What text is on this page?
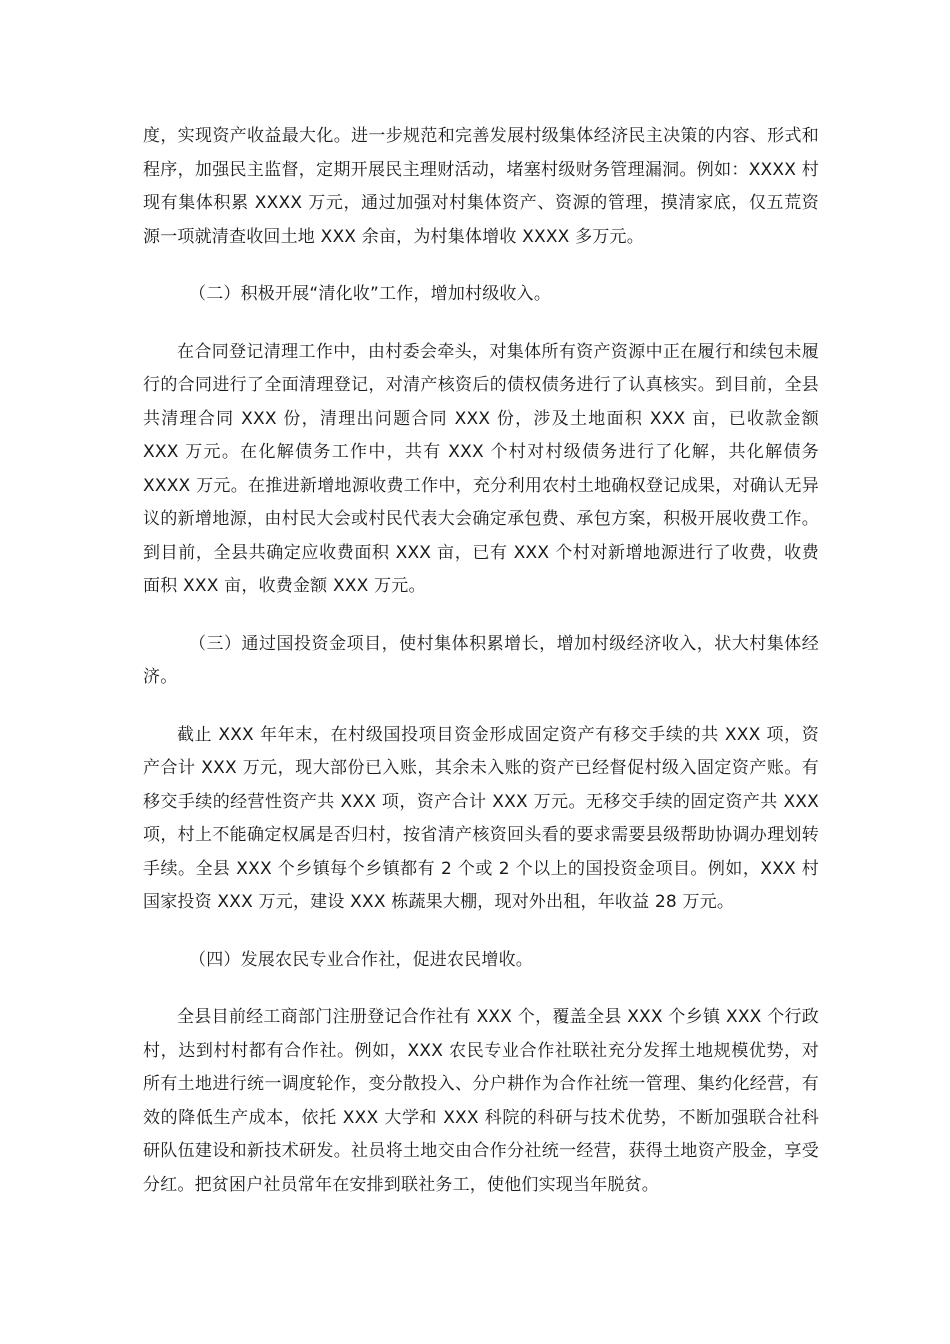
度，实现资产收益最大化。进一步规范和完善发展村级集体经济民主决策的内容、形式和程序，加强民主监督，定期开展民主理财活动，堵塞村级财务管理漏洞。例如：XXXX 村现有集体积累 XXXX 万元，通过加强对村集体资产、资源的管理，摸清家底，仅五荒资源一项就清查收回土地 XXX 余亩，为村集体增收 XXXX 多万元。

（二）积极开展“清化收”工作，增加村级收入。

在合同登记清理工作中，由村委会牵头，对集体所有资产资源中正在履行和续包未履行的合同进行了全面清理登记，对清产核资后的债权债务进行了认真核实。到目前，全县共清理合同 XXX 份，清理出问题合同 XXX 份，涉及土地面积 XXX 亩，已收款金额 XXX 万元。在化解债务工作中，共有 XXX 个村对村级债务进行了化解，共化解债务 XXXX 万元。在推进新增地源收费工作中，充分利用农村土地确权登记成果，对确认无异议的新增地源，由村民大会或村民代表大会确定承包费、承包方案，积极开展收费工作。到目前，全县共确定应收费面积 XXX 亩，已有 XXX 个村对新增地源进行了收费，收费面积 XXX 亩，收费金额 XXX 万元。

（三）通过国投资金项目，使村集体积累增长，增加村级经济收入，状大村集体经济。

截止 XXX 年年末，在村级国投项目资金形成固定资产有移交手续的共 XXX 项，资产合计 XXX 万元，现大部份已入账，其余未入账的资产已经督促村级入固定资产账。有移交手续的经营性资产共 XXX 项，资产合计 XXX 万元。无移交手续的固定资产共 XXX 项，村上不能确定权属是否归村，按省清产核资回头看的要求需要县级帮助协调办理划转手续。全县 XXX 个乡镇每个乡镇都有 2 个或 2 个以上的国投资金项目。例如，XXX 村国家投资 XXX 万元，建设 XXX 栋蔬果大棚，现对外出租，年收益 28 万元。

（四）发展农民专业合作社，促进农民增收。

全县目前经工商部门注册登记合作社有 XXX 个，覆盖全县 XXX 个乡镇 XXX 个行政村，达到村村都有合作社。例如，XXX 农民专业合作社联社充分发挥土地规模优势，对所有土地进行统一调度轮作，变分散投入、分户耕作为合作社统一管理、集约化经营，有效的降低生产成本，依托 XXX 大学和 XXX 科院的科研与技术优势，不断加强联合社科研队伍建设和新技术研发。社员将土地交由合作分社统一经营，获得土地资产股金，享受分红。把贫困户社员常年在安排到联社务工，使他们实现当年脱贫。
